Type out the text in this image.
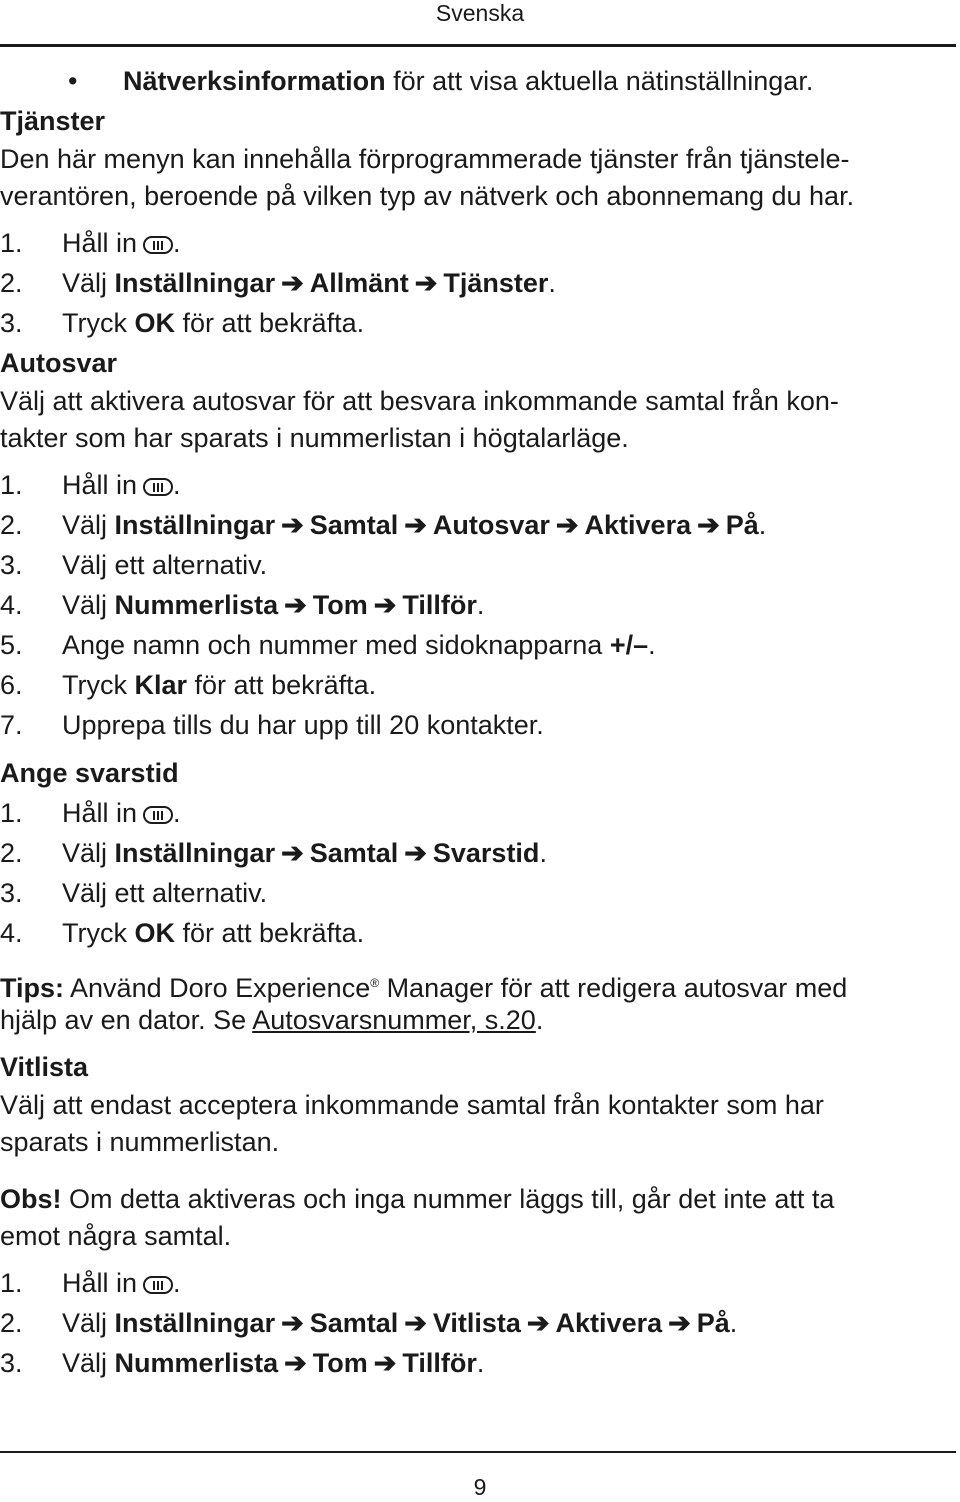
Svenska
• Nätverksinformation för att visa aktuella nätinställningar.
Tjänster
Den här menyn kan innehålla förprogrammerade tjänster från tjänstele-
verantören, beroende på vilken typ av nätverk och abonnemang du har.
1. Håll in .
2. Välj Inställningar ➔ Allmänt ➔ Tjänster.
3. Tryck OK för att bekräfta.
Autosvar
Välj att aktivera autosvar för att besvara inkommande samtal från kon-
takter som har sparats i nummerlistan i högtalarläge.
1. Håll in .
2. Välj Inställningar ➔ Samtal ➔ Autosvar ➔ Aktivera ➔ På.
3. Välj ett alternativ.
4. Välj Nummerlista ➔ Tom ➔ Tillför.
5. Ange namn och nummer med sidoknapparna +/–.
6. Tryck Klar för att bekräfta.
7. Upprepa tills du har upp till 20 kontakter.
Ange svarstid
1. Håll in .
2. Välj Inställningar ➔ Samtal ➔ Svarstid.
3. Välj ett alternativ.
4. Tryck OK för att bekräfta.
Tips: Använd Doro Experience® Manager för att redigera autosvar med
hjälp av en dator. Se Autosvarsnummer, s.20.
Vitlista
Välj att endast acceptera inkommande samtal från kontakter som har
sparats i nummerlistan.
Obs! Om detta aktiveras och inga nummer läggs till, går det inte att ta
emot några samtal.
1. Håll in .
2. Välj Inställningar ➔ Samtal ➔ Vitlista ➔ Aktivera ➔ På.
3. Välj Nummerlista ➔ Tom ➔ Tillför.
9
